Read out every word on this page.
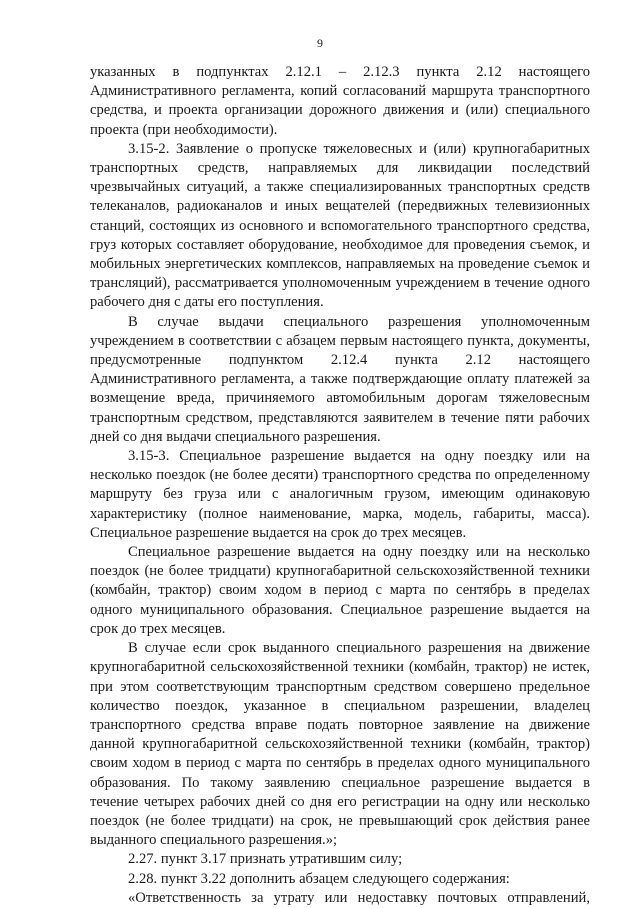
9

указанных в подпунктах 2.12.1 – 2.12.3 пункта 2.12 настоящего Административного регламента, копий согласований маршрута транспортного средства, и проекта организации дорожного движения и (или) специального проекта (при необходимости).

3.15-2. Заявление о пропуске тяжеловесных и (или) крупногабаритных транспортных средств, направляемых для ликвидации последствий чрезвычайных ситуаций, а также специализированных транспортных средств телеканалов, радиоканалов и иных вещателей (передвижных телевизионных станций, состоящих из основного и вспомогательного транспортного средства, груз которых составляет оборудование, необходимое для проведения съемок, и мобильных энергетических комплексов, направляемых на проведение съемок и трансляций), рассматривается уполномоченным учреждением в течение одного рабочего дня с даты его поступления.

В случае выдачи специального разрешения уполномоченным учреждением в соответствии с абзацем первым настоящего пункта, документы, предусмотренные подпунктом 2.12.4 пункта 2.12 настоящего Административного регламента, а также подтверждающие оплату платежей за возмещение вреда, причиняемого автомобильным дорогам тяжеловесным транспортным средством, представляются заявителем в течение пяти рабочих дней со дня выдачи специального разрешения.

3.15-3. Специальное разрешение выдается на одну поездку или на несколько поездок (не более десяти) транспортного средства по определенному маршруту без груза или с аналогичным грузом, имеющим одинаковую характеристику (полное наименование, марка, модель, габариты, масса). Специальное разрешение выдается на срок до трех месяцев.

Специальное разрешение выдается на одну поездку или на несколько поездок (не более тридцати) крупногабаритной сельскохозяйственной техники (комбайн, трактор) своим ходом в период с марта по сентябрь в пределах одного муниципального образования. Специальное разрешение выдается на срок до трех месяцев.

В случае если срок выданного специального разрешения на движение крупногабаритной сельскохозяйственной техники (комбайн, трактор) не истек, при этом соответствующим транспортным средством совершено предельное количество поездок, указанное в специальном разрешении, владелец транспортного средства вправе подать повторное заявление на движение данной крупногабаритной сельскохозяйственной техники (комбайн, трактор) своим ходом в период с марта по сентябрь в пределах одного муниципального образования. По такому заявлению специальное разрешение выдается в течение четырех рабочих дней со дня его регистрации на одну или несколько поездок (не более тридцати) на срок, не превышающий срок действия ранее выданного специального разрешения.»;

2.27. пункт 3.17 признать утратившим силу;

2.28. пункт 3.22 дополнить абзацем следующего содержания:

«Ответственность за утрату или недоставку почтовых отправлений,
